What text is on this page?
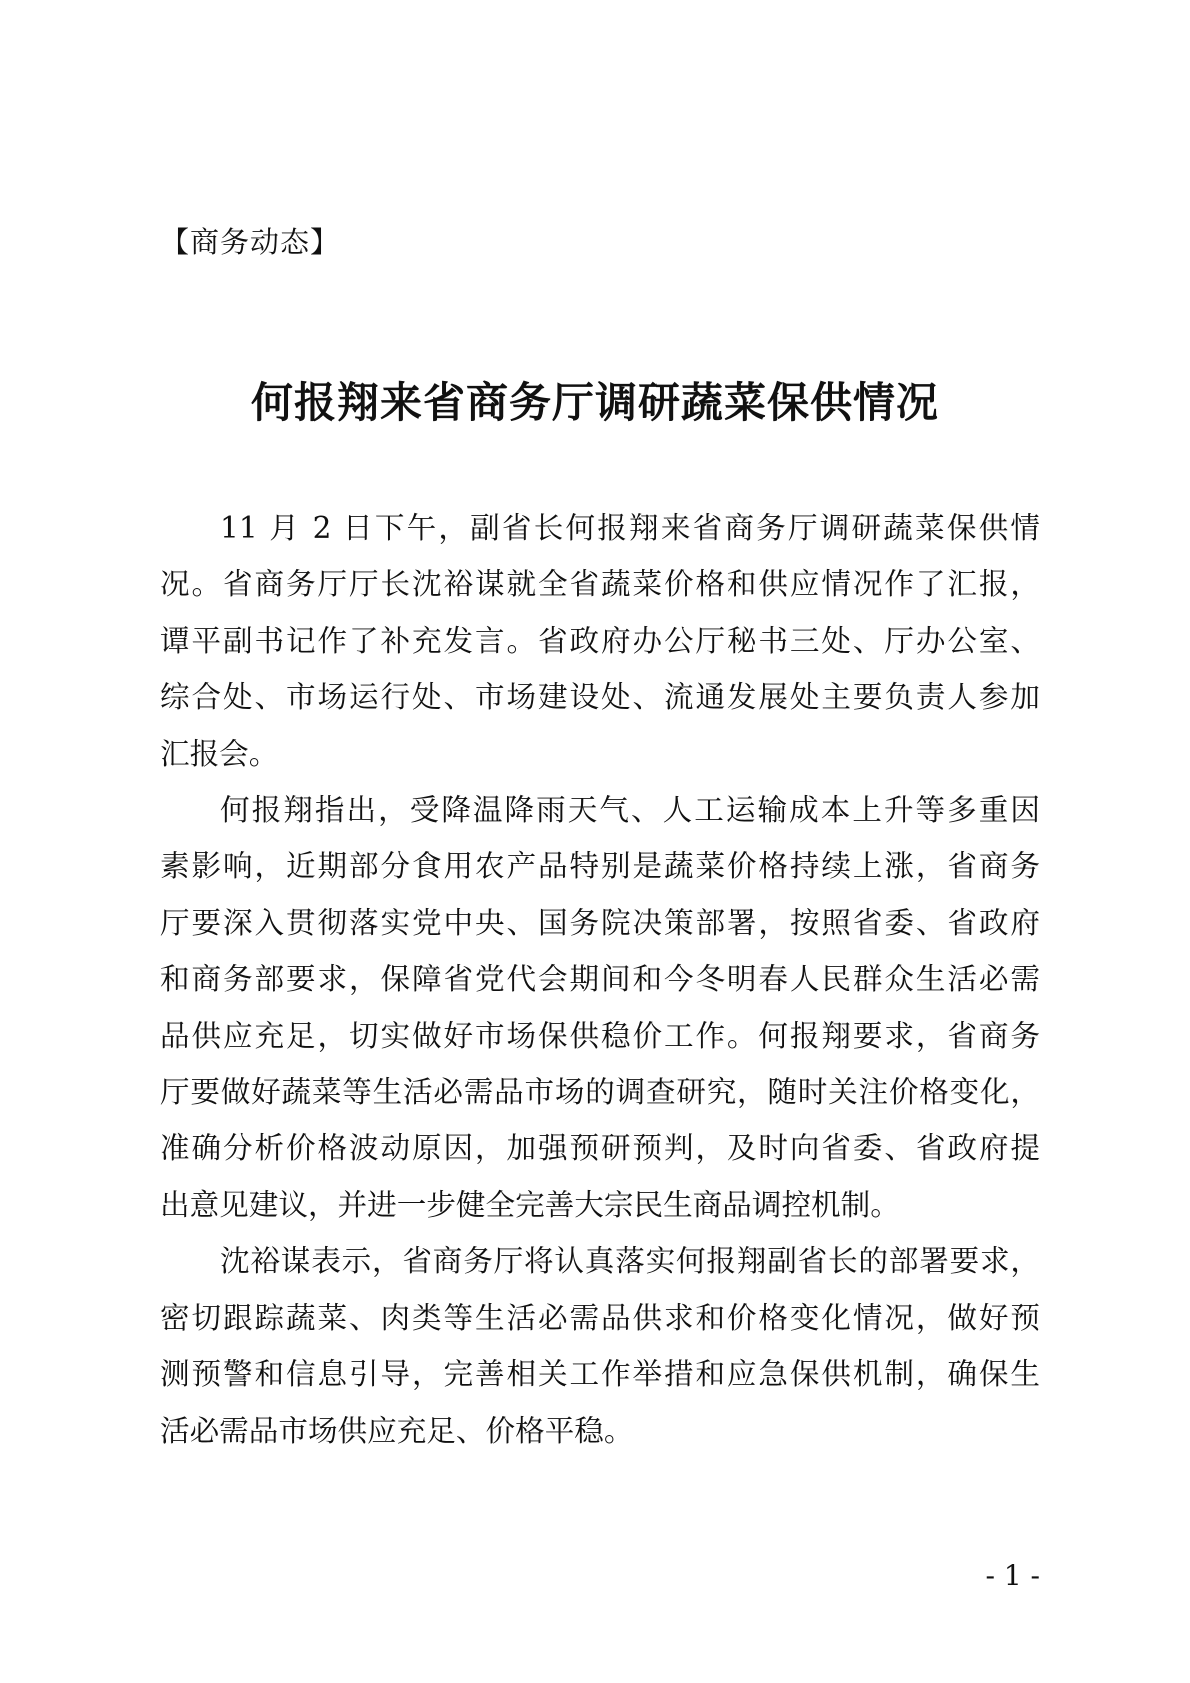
【商务动态】
何报翔来省商务厅调研蔬菜保供情况

11 月 2 日下午，副省长何报翔来省商务厅调研蔬菜保供情
况。省商务厅厅长沈裕谋就全省蔬菜价格和供应情况作了汇报，
谭平副书记作了补充发言。省政府办公厅秘书三处、厅办公室、
综合处、市场运行处、市场建设处、流通发展处主要负责人参加
汇报会。

何报翔指出，受降温降雨天气、人工运输成本上升等多重因
素影响，近期部分食用农产品特别是蔬菜价格持续上涨，省商务
厅要深入贯彻落实党中央、国务院决策部署，按照省委、省政府
和商务部要求，保障省党代会期间和今冬明春人民群众生活必需
品供应充足，切实做好市场保供稳价工作。何报翔要求，省商务
厅要做好蔬菜等生活必需品市场的调查研究，随时关注价格变化，
准确分析价格波动原因，加强预研预判，及时向省委、省政府提
出意见建议，并进一步健全完善大宗民生商品调控机制。

沈裕谋表示，省商务厅将认真落实何报翔副省长的部署要求，
密切跟踪蔬菜、肉类等生活必需品供求和价格变化情况，做好预
测预警和信息引导，完善相关工作举措和应急保供机制，确保生
活必需品市场供应充足、价格平稳。

- 1 -
